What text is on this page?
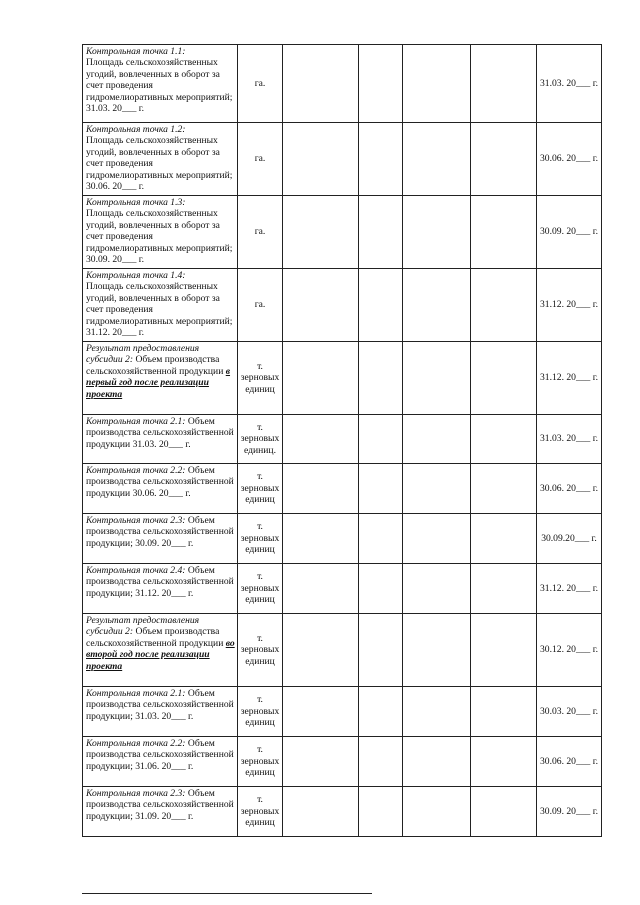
Контрольная точка 1.1:
Площадь сельскохозяйственных угодий, вовлеченных в оборот за счет проведения гидромелиоративных мероприятий; 31.03. 20___ г.	га.					31.03. 20___ г.
Контрольная точка 1.2:
Площадь сельскохозяйственных угодий, вовлеченных в оборот за счет проведения гидромелиоративных мероприятий; 30.06. 20___ г.	га.					30.06. 20___ г.
Контрольная точка 1.3:
Площадь сельскохозяйственных угодий, вовлеченных в оборот за счет проведения гидромелиоративных мероприятий; 30.09. 20___ г.	га.					30.09. 20___ г.
Контрольная точка 1.4:
Площадь сельскохозяйственных угодий, вовлеченных в оборот за счет проведения гидромелиоративных мероприятий; 31.12. 20___ г.	га.					31.12. 20___ г.
Результат предоставления субсидии 2: Объем производства сельскохозяйственной продукции в первый год после реализации проекта	т. зерновых единиц					31.12. 20___ г.
Контрольная точка 2.1: Объем производства сельскохозяйственной продукции 31.03. 20___ г.	т. зерновых единиц.					31.03. 20___ г.
Контрольная точка 2.2: Объем производства сельскохозяйственной продукции 30.06. 20___ г.	т. зерновых единиц					30.06. 20___ г.
Контрольная точка 2.3: Объем производства сельскохозяйственной продукции; 30.09. 20___ г.	т. зерновых единиц					30.09.20___ г.
Контрольная точка 2.4: Объем производства сельскохозяйственной продукции; 31.12. 20___ г.	т. зерновых единиц					31.12. 20___ г.
Результат предоставления субсидии 2: Объем производства сельскохозяйственной продукции во второй год после реализации проекта	т. зерновых единиц					30.12. 20___ г.
Контрольная точка 2.1: Объем производства сельскохозяйственной продукции; 31.03. 20___ г.	т. зерновых единиц					30.03. 20___ г.
Контрольная точка 2.2: Объем производства сельскохозяйственной продукции; 31.06. 20___ г.	т. зерновых единиц					30.06. 20___ г.
Контрольная точка 2.3: Объем производства сельскохозяйственной продукции; 31.09. 20___ г.	т. зерновых единиц					30.09. 20___ г.
